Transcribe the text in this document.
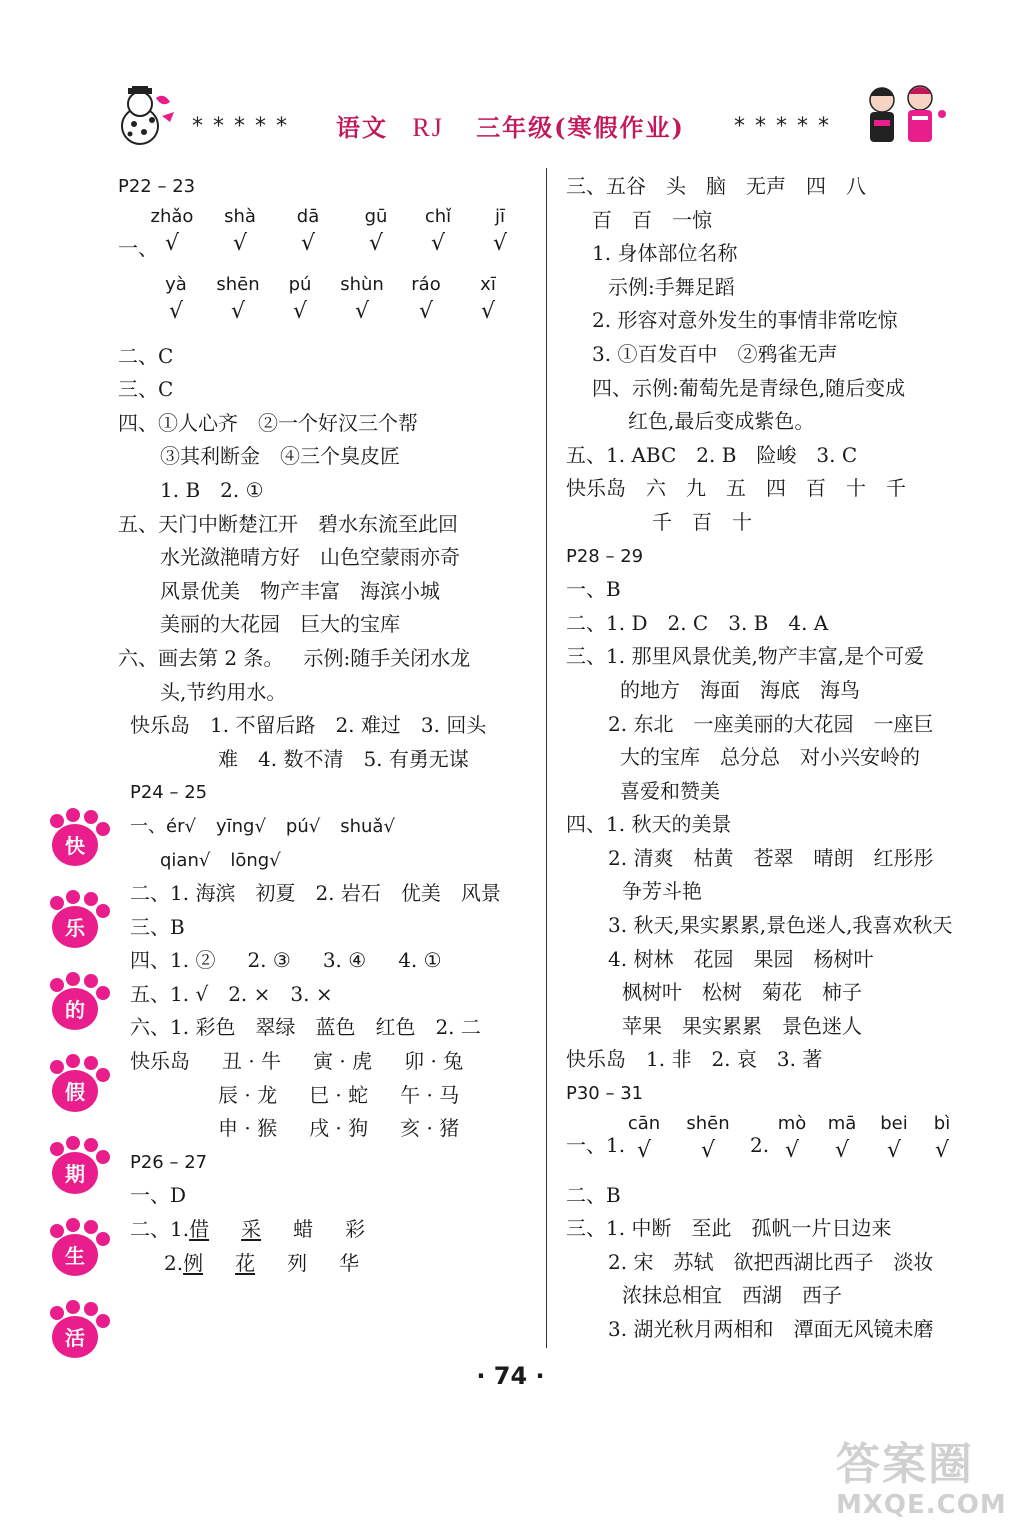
***** 语文 RJ 三年级(寒假作业)	*****
P22 – 23
一、
zhǎo
√
shà
√
dā
√
gū
√
chǐ
√
jī
√
yà
√
shēn
√
pú
√
shùn
√
ráo
√
xī
√
二、C
三、C
四、①人心齐 ②一个好汉三个帮
③其利断金 ④三个臭皮匠
1. B 2. ①
五、天门中断楚江开 碧水东流至此回
水光潋滟晴方好 山色空蒙雨亦奇
风景优美 物产丰富 海滨小城
美丽的大花园 巨大的宝库
六、画去第 2 条。 示例:随手关闭水龙
头,节约用水。
快乐岛 1. 不留后路 2. 难过 3. 回头
难 4. 数不清 5. 有勇无谋
P24 – 25
一、ér√ yīng√ pú√ shuǎ√
qian√ lōng√
二、1. 海滨 初夏 2. 岩石 优美 风景
三、B
四、1. ② 2. ③ 3. ④ 4. ①
五、1. √ 2. × 3. ×
六、1. 彩色 翠绿 蓝色 红色 2. 二
快乐岛 丑 · 牛 寅 · 虎 卯 · 兔
辰 · 龙 巳 · 蛇 午 · 马
申 · 猴 戌 · 狗 亥 · 猪
P26 – 27
一、D
二、1.借 采 蜡 彩
2.例 花 列 华
三、五谷 头 脑 无声 四 八
百 百 一惊
1. 身体部位名称
示例:手舞足蹈
2. 形容对意外发生的事情非常吃惊
3. ①百发百中 ②鸦雀无声
四、示例:葡萄先是青绿色,随后变成
红色,最后变成紫色。
五、1. ABC 2. B 险峻 3. C
快乐岛 六 九 五 四 百 十 千
千 百 十
P28 – 29
一、B
二、1. D　2. C　3. B　4. A
三、1. 那里风景优美,物产丰富,是个可爱
的地方 海面 海底 海鸟
2. 东北 一座美丽的大花园 一座巨
大的宝库 总分总 对小兴安岭的
喜爱和赞美
四、1. 秋天的美景
2. 清爽 枯黄 苍翠 晴朗 红彤彤
争芳斗艳
3. 秋天,果实累累,景色迷人,我喜欢秋天
4. 树林 花园 果园 杨树叶
枫树叶 松树 菊花 柿子
苹果 果实累累 景色迷人
快乐岛 1. 非 2. 哀 3. 著
P30 – 31
一、1.
cān
√
shēn
√	2.
mò
√
mā
√
bei
√
bì
√
二、B
三、1. 中断 至此 孤帆一片日边来
2. 宋 苏轼 欲把西湖比西子 淡妆
浓抹总相宜 西湖 西子
3. 湖光秋月两相和 潭面无风镜未磨
快
乐
的
假
期
生
活
· 74 ·
答案圈
MXQE.COM
